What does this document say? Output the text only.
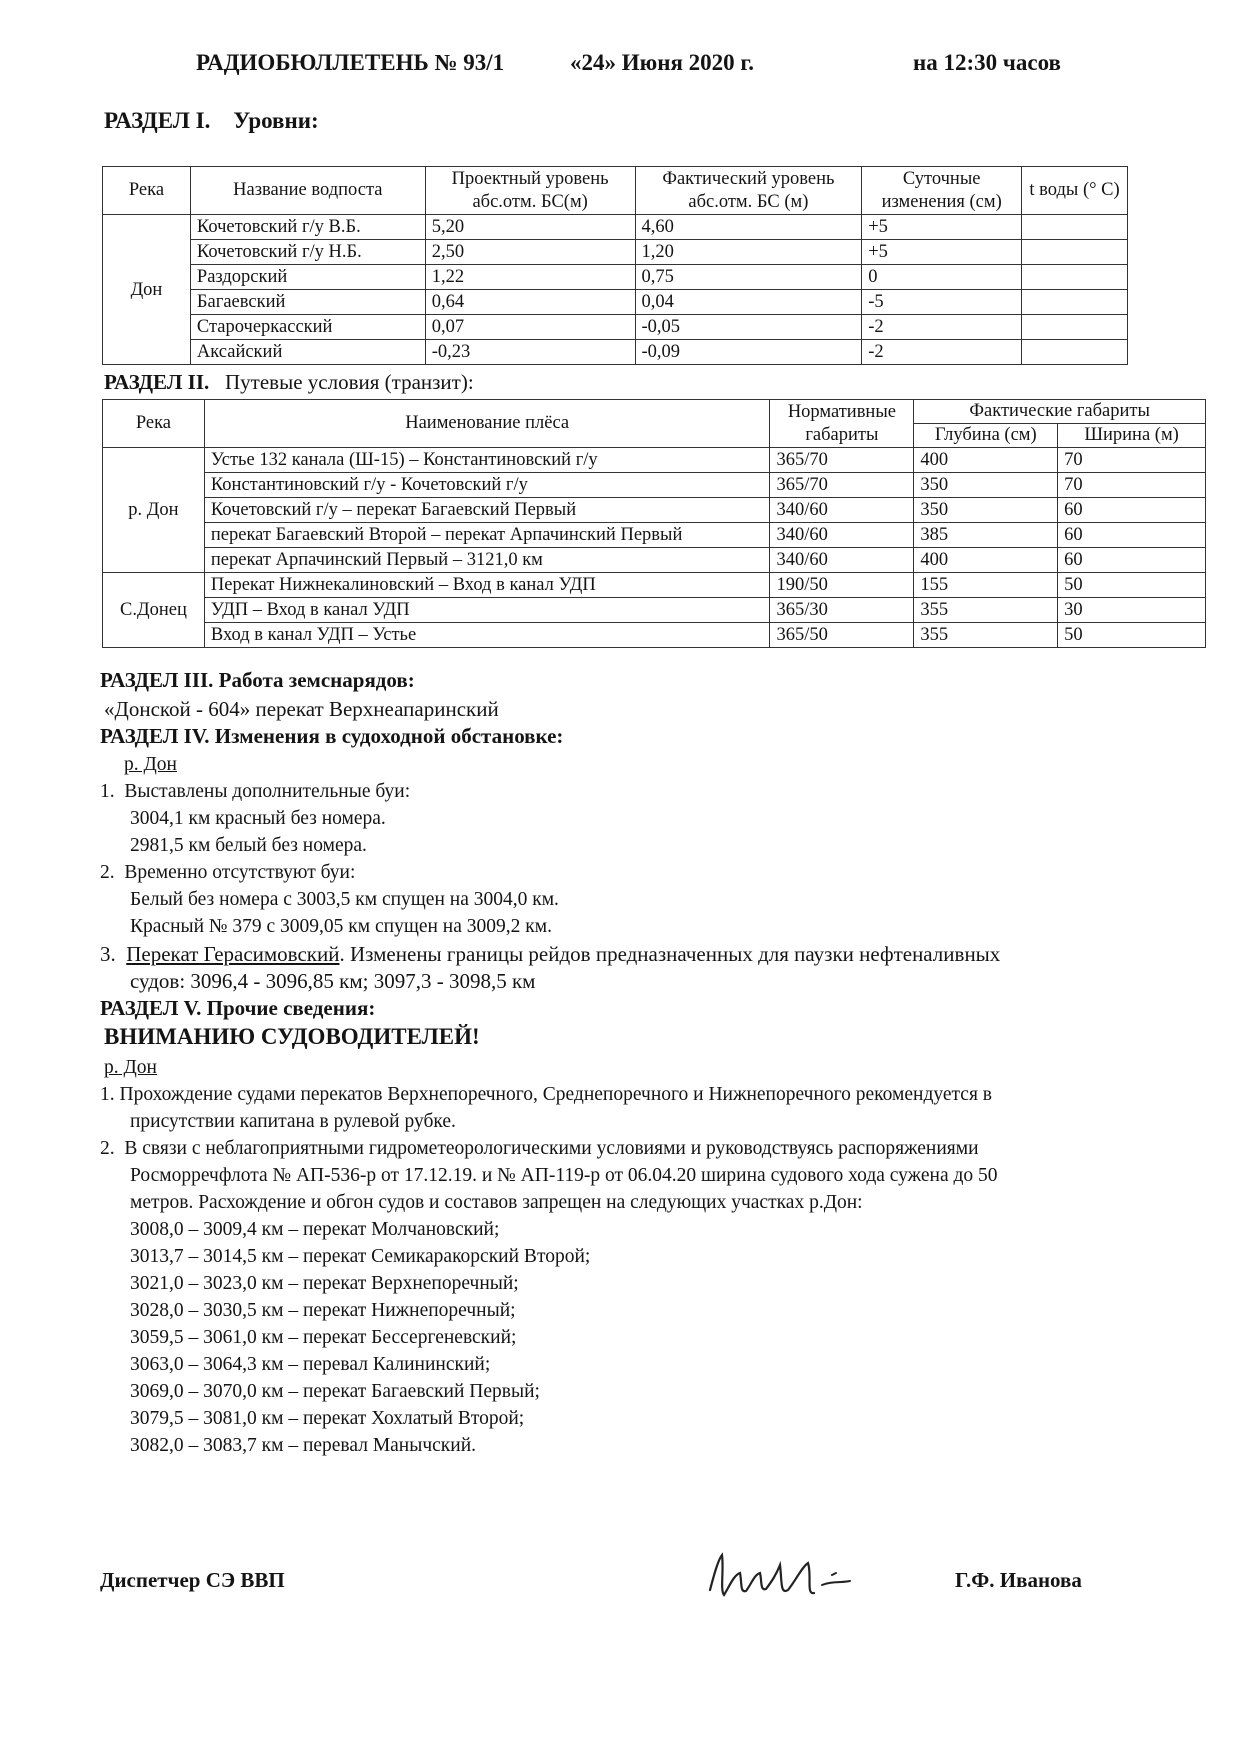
РАДИОБЮЛЛЕТЕНЬ № 93/1	«24» Июня 2020 г.	на 12:30 часов
РАЗДЕЛ I. Уровни:
Река	Название водпоста	Проектный уровень абс.отм. БС(м)	Фактический уровень абс.отм. БС (м)	Суточные изменения (см)	t воды (° С)
Дон	Кочетовский г/у В.Б.	5,20	4,60	+5	
	Кочетовский г/у Н.Б.	2,50	1,20	+5	
	Раздорский	1,22	0,75	0	
	Багаевский	0,64	0,04	-5	
	Старочеркасский	0,07	-0,05	-2	
	Аксайский	-0,23	-0,09	-2	
РАЗДЕЛ II. Путевые условия (транзит):
Река	Наименование плёса	Нормативные габариты	Фактические габариты	
			Глубина (см)	Ширина (м)
р. Дон	Устье 132 канала (Ш-15) – Константиновский г/у	365/70	400	70
	Константиновский г/у - Кочетовский г/у	365/70	350	70
	Кочетовский г/у – перекат Багаевский Первый	340/60	350	60
	перекат Багаевский Второй – перекат Арпачинский Первый	340/60	385	60
	перекат Арпачинский Первый – 3121,0 км	340/60	400	60
С.Донец	Перекат Нижнекалиновский – Вход в канал УДП	190/50	155	50
	УДП – Вход в канал УДП	365/30	355	30
	Вход в канал УДП – Устье	365/50	355	50
РАЗДЕЛ III. Работа земснарядов:
«Донской - 604» перекат Верхнеапаринский
РАЗДЕЛ IV. Изменения в судоходной обстановке:
р. Дон
1. Выставлены дополнительные буи:
3004,1 км красный без номера.
2981,5 км белый без номера.
2. Временно отсутствуют буи:
Белый без номера с 3003,5 км спущен на 3004,0 км.
Красный № 379 с 3009,05 км спущен на 3009,2 км.
3. Перекат Герасимовский. Изменены границы рейдов предназначенных для паузки нефтеналивных
судов: 3096,4 - 3096,85 км; 3097,3 - 3098,5 км
РАЗДЕЛ V. Прочие сведения:
ВНИМАНИЮ СУДОВОДИТЕЛЕЙ!
р. Дон
1. Прохождение судами перекатов Верхнепоречного, Среднепоречного и Нижнепоречного рекомендуется в
присутствии капитана в рулевой рубке.
2. В связи с неблагоприятными гидрометеорологическими условиями и руководствуясь распоряжениями
Росморречфлота № АП-536-р от 17.12.19. и № АП-119-р от 06.04.20 ширина судового хода сужена до 50
метров. Расхождение и обгон судов и составов запрещен на следующих участках р.Дон:
3008,0 – 3009,4 км – перекат Молчановский;
3013,7 – 3014,5 км – перекат Семикаракорский Второй;
3021,0 – 3023,0 км – перекат Верхнепоречный;
3028,0 – 3030,5 км – перекат Нижнепоречный;
3059,5 – 3061,0 км – перекат Бессергеневский;
3063,0 – 3064,3 км – перевал Калининский;
3069,0 – 3070,0 км – перекат Багаевский Первый;
3079,5 – 3081,0 км – перекат Хохлатый Второй;
3082,0 – 3083,7 км – перевал Манычский.
Диспетчер СЭ ВВП	Г.Ф. Иванова
